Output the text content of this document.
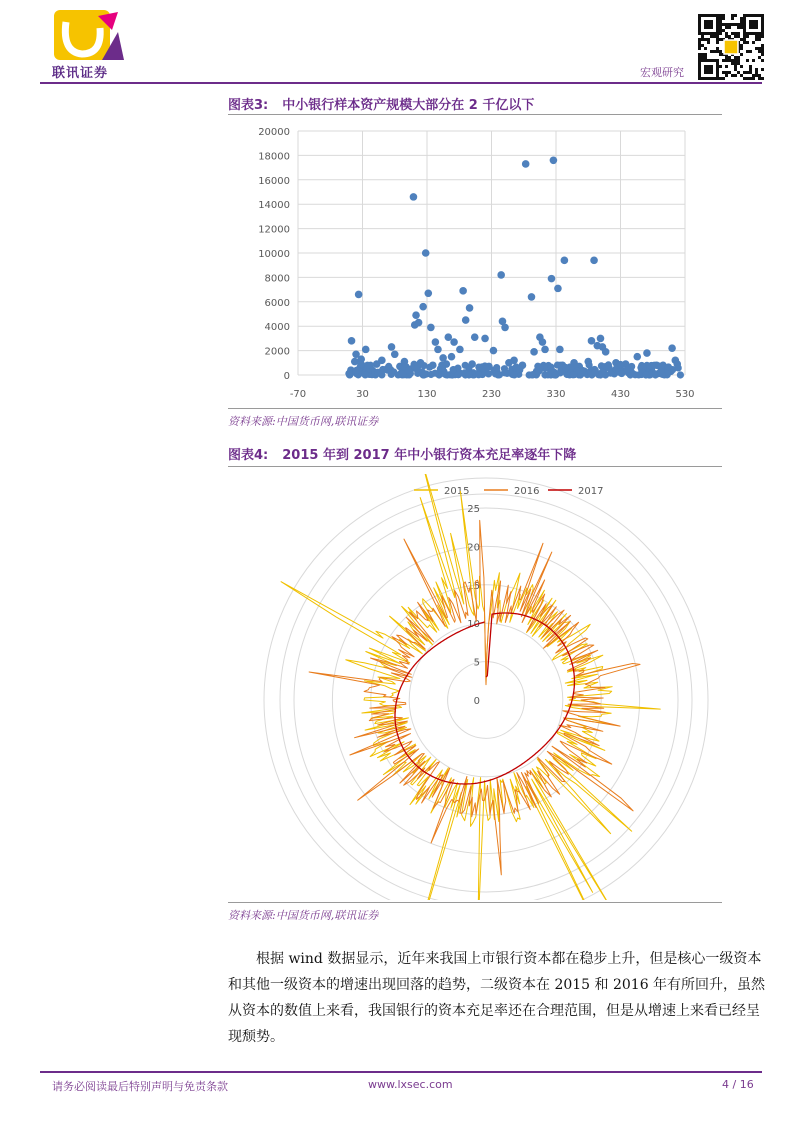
联讯证券	宏观研究
图表3: 中小银行样本资产规模大部分在 2 千亿以下
0
2000
4000
6000
8000
10000
12000
14000
16000
18000
20000
-70	30	130	230	330	430	530
资料来源:中国货币网,联讯证券
图表4: 2015 年到 2017 年中小银行资本充足率逐年下降
0
5
10
15
20
25
2015	2016	2017
资料来源:中国货币网,联讯证券
根据 wind 数据显示，近年来我国上市银行资本都在稳步上升，但是核心一级资本和其他一级资本的增速出现回落的趋势，二级资本在 2015 和 2016 年有所回升，虽然从资本的数值上来看，我国银行的资本充足率还在合理范围，但是从增速上来看已经呈现颓势。
请务必阅读最后特别声明与免责条款	www.lxsec.com	4 / 16
